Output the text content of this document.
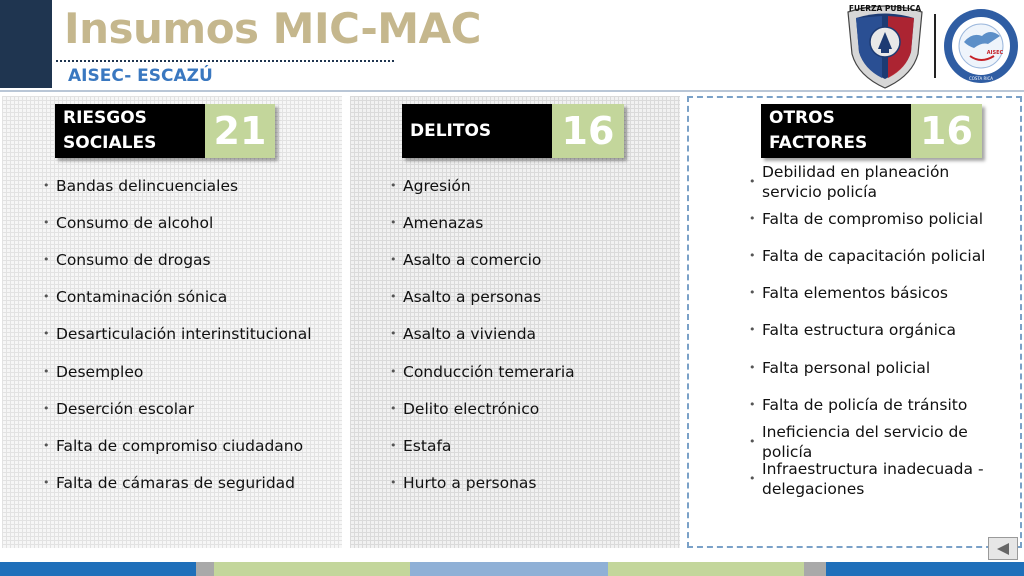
Insumos MIC-MAC
AISEC- ESCAZÚ
FUERZA PUBLICA
AISEC
COSTA RICA
RIESGOS
SOCIALES	21	DELITOS	16	OTROS
FACTORES	16
• Bandas delincuenciales
• Consumo de alcohol
• Consumo de drogas
• Contaminación sónica
• Desarticulación interinstitucional
• Desempleo
• Deserción escolar
• Falta de compromiso ciudadano
• Falta de cámaras de seguridad
• Agresión
• Amenazas
• Asalto a comercio
• Asalto a personas
• Asalto a vivienda
• Conducción temeraria
• Delito electrónico
• Estafa
• Hurto a personas
• Debilidad en planeación servicio policía
• Falta de compromiso policial
• Falta de capacitación policial
• Falta elementos básicos
• Falta estructura orgánica
• Falta personal policial
• Falta de policía de tránsito
• Ineficiencia del servicio de policía
• Infraestructura inadecuada - delegaciones
